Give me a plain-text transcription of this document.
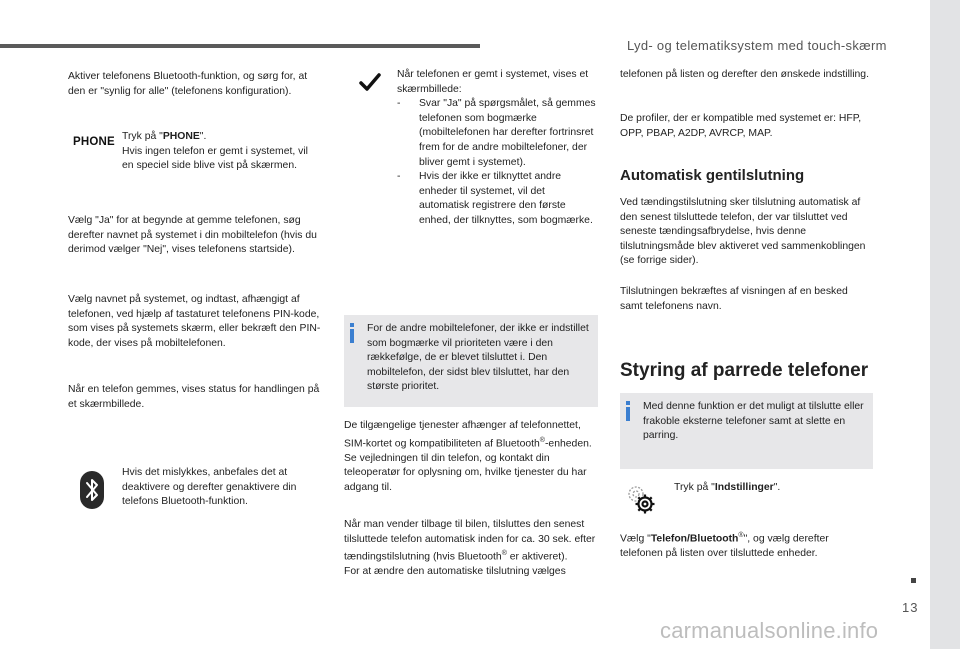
Lyd- og telematiksystem med touch-skærm
13
carmanualsonline.info
Aktiver telefonens Bluetooth-funktion, og sørg for, at den er "synlig for alle" (telefonens konfiguration).
PHONE Tryk på "PHONE".
Hvis ingen telefon er gemt i systemet, vil en speciel side blive vist på skærmen.
Vælg "Ja" for at begynde at gemme telefonen, søg derefter navnet på systemet i din mobiltelefon (hvis du derimod vælger "Nej", vises telefonens startside).
Vælg navnet på systemet, og indtast, afhængigt af telefonen, ved hjælp af tastaturet telefonens PIN-kode, som vises på systemets skærm, eller bekræft den PIN-kode, der vises på mobiltelefonen.
Når en telefon gemmes, vises status for handlingen på et skærmbillede.
Hvis det mislykkes, anbefales det at deaktivere og derefter genaktivere din telefons Bluetooth-funktion.
Når telefonen er gemt i systemet, vises et skærmbillede:
- Svar "Ja" på spørgsmålet, så gemmes telefonen som bogmærke (mobiltelefonen har derefter fortrinsret frem for de andre mobiltelefoner, der bliver gemt i systemet).
- Hvis der ikke er tilknyttet andre enheder til systemet, vil det automatisk registrere den første enhed, der tilknyttes, som bogmærke.
For de andre mobiltelefoner, der ikke er indstillet som bogmærke vil prioriteten være i den rækkefølge, de er blevet tilsluttet i. Den mobiltelefon, der sidst blev tilsluttet, har den største prioritet.
De tilgængelige tjenester afhænger af telefonnettet, SIM-kortet og kompatibiliteten af Bluetooth®-enheden. Se vejledningen til din telefon, og kontakt din teleoperatør for oplysning om, hvilke tjenester du har adgang til.
Når man vender tilbage til bilen, tilsluttes den senest tilsluttede telefon automatisk inden for ca. 30 sek. efter tændingstilslutning (hvis Bluetooth® er aktiveret).
For at ændre den automatiske tilslutning vælges
telefonen på listen og derefter den ønskede indstilling.
De profiler, der er kompatible med systemet er: HFP, OPP, PBAP, A2DP, AVRCP, MAP.
Automatisk gentilslutning
Ved tændingstilslutning sker tilslutning automatisk af den senest tilsluttede telefon, der var tilsluttet ved seneste tændingsafbrydelse, hvis denne tilslutningsmåde blev aktiveret ved sammenkoblingen (se forrige sider).
Tilslutningen bekræftes af visningen af en besked samt telefonens navn.
Styring af parrede telefoner
Med denne funktion er det muligt at tilslutte eller frakoble eksterne telefoner samt at slette en parring.
Tryk på "Indstillinger".
Vælg "Telefon/Bluetooth®", og vælg derefter telefonen på listen over tilsluttede enheder.
